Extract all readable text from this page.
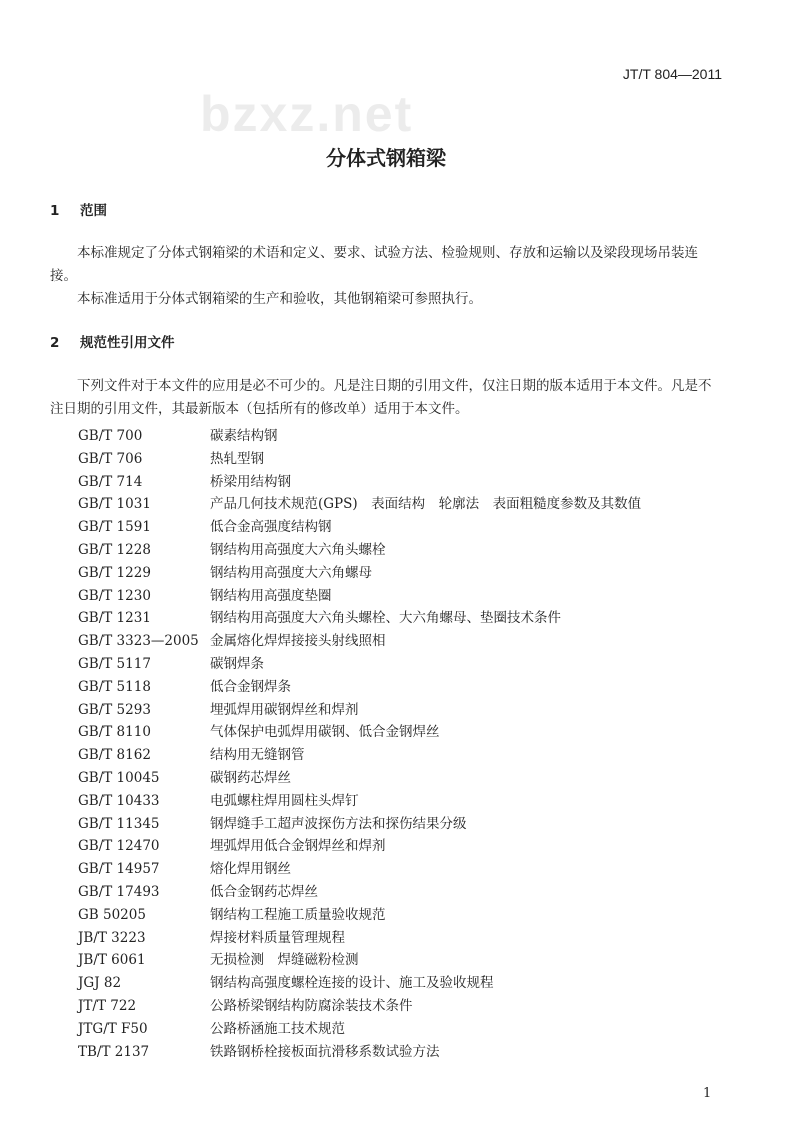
bzxz.net
JT/T 804—2011
分体式钢箱梁
1 范围
本标准规定了分体式钢箱梁的术语和定义、要求、试验方法、检验规则、存放和运输以及梁段现场吊装连接。
本标准适用于分体式钢箱梁的生产和验收，其他钢箱梁可参照执行。
2 规范性引用文件
下列文件对于本文件的应用是必不可少的。凡是注日期的引用文件，仅注日期的版本适用于本文件。凡是不注日期的引用文件，其最新版本（包括所有的修改单）适用于本文件。
GB/T 700	碳素结构钢
GB/T 706	热轧型钢
GB/T 714	桥梁用结构钢
GB/T 1031	产品几何技术规范(GPS)　表面结构　轮廓法　表面粗糙度参数及其数值
GB/T 1591	低合金高强度结构钢
GB/T 1228	钢结构用高强度大六角头螺栓
GB/T 1229	钢结构用高强度大六角螺母
GB/T 1230	钢结构用高强度垫圈
GB/T 1231	钢结构用高强度大六角头螺栓、大六角螺母、垫圈技术条件
GB/T 3323—2005 金属熔化焊焊接接头射线照相
GB/T 5117	碳钢焊条
GB/T 5118	低合金钢焊条
GB/T 5293	埋弧焊用碳钢焊丝和焊剂
GB/T 8110	气体保护电弧焊用碳钢、低合金钢焊丝
GB/T 8162	结构用无缝钢管
GB/T 10045	碳钢药芯焊丝
GB/T 10433	电弧螺柱焊用圆柱头焊钉
GB/T 11345	钢焊缝手工超声波探伤方法和探伤结果分级
GB/T 12470	埋弧焊用低合金钢焊丝和焊剂
GB/T 14957	熔化焊用钢丝
GB/T 17493	低合金钢药芯焊丝
GB 50205	钢结构工程施工质量验收规范
JB/T 3223	焊接材料质量管理规程
JB/T 6061	无损检测　焊缝磁粉检测
JGJ 82	钢结构高强度螺栓连接的设计、施工及验收规程
JT/T 722	公路桥梁钢结构防腐涂装技术条件
JTG/T F50	公路桥涵施工技术规范
TB/T 2137	铁路钢桥栓接板面抗滑移系数试验方法
1
